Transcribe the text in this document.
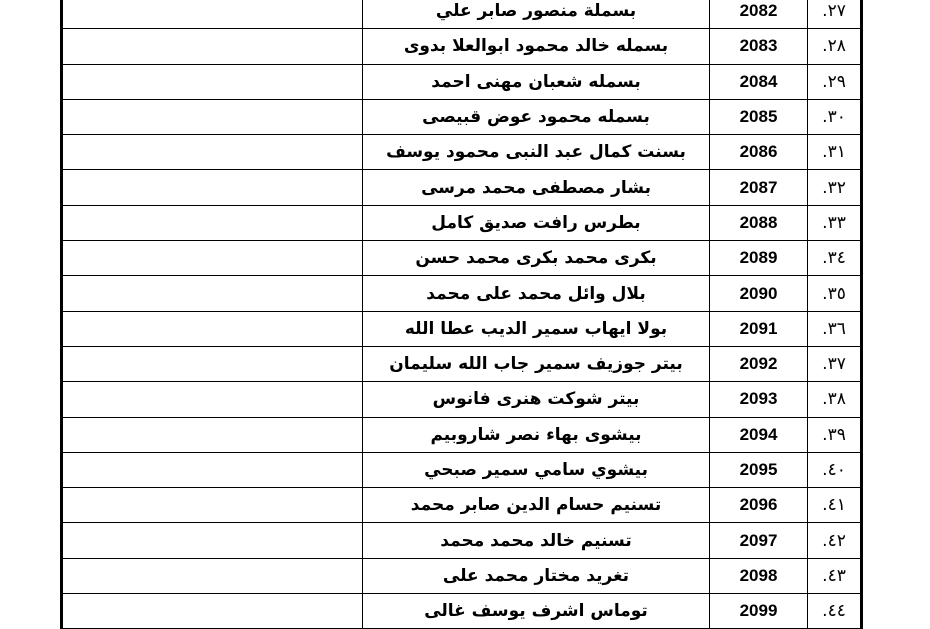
بسملة منصور صابر علي	2082	٢٧.
بسمله خالد محمود ابوالعلا بدوى	2083	٢٨.
بسمله شعبان مهنى احمد	2084	٢٩.
بسمله محمود عوض قبيصى	2085	٣٠.
بسنت كمال عبد النبى محمود يوسف	2086	٣١.
بشار مصطفى محمد مرسى	2087	٣٢.
بطرس رافت صديق كامل	2088	٣٣.
بكرى محمد بكرى محمد حسن	2089	٣٤.
بلال وائل محمد على محمد	2090	٣٥.
بولا ايهاب سمير الديب عطا الله	2091	٣٦.
بيتر جوزيف سمير جاب الله سليمان	2092	٣٧.
بيتر شوكت هنرى فانوس	2093	٣٨.
بيشوى بهاء نصر شاروبيم	2094	٣٩.
بيشوي سامي سمير صبحي	2095	٤٠.
تسنيم حسام الدين صابر محمد	2096	٤١.
تسنيم خالد محمد محمد	2097	٤٢.
تغريد مختار محمد على	2098	٤٣.
توماس اشرف يوسف غالى	2099	٤٤.
